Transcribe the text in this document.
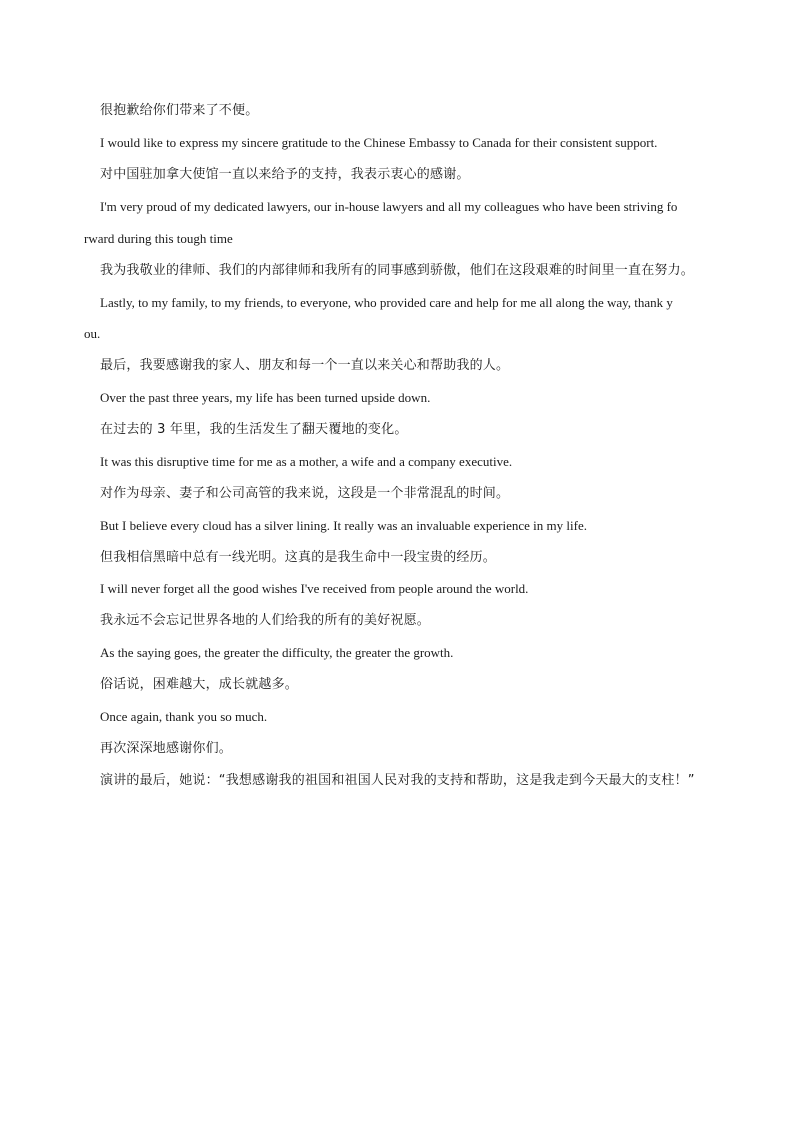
很抱歉给你们带来了不便。
I would like to express my sincere gratitude to the Chinese Embassy to Canada for their consistent support.
对中国驻加拿大使馆一直以来给予的支持，我表示衷心的感谢。
I'm very proud of my dedicated lawyers, our in-house lawyers and all my colleagues who have been striving fo
rward during this tough time
我为我敬业的律师、我们的内部律师和我所有的同事感到骄傲，他们在这段艰难的时间里一直在努力。
Lastly, to my family, to my friends, to everyone, who provided care and help for me all along the way, thank y
ou.
最后，我要感谢我的家人、朋友和每一个一直以来关心和帮助我的人。
Over the past three years, my life has been turned upside down.
在过去的 3 年里，我的生活发生了翻天覆地的变化。
It was this disruptive time for me as a mother, a wife and a company executive.
对作为母亲、妻子和公司高管的我来说，这段是一个非常混乱的时间。
But I believe every cloud has a silver lining. It really was an invaluable experience in my life.
但我相信黑暗中总有一线光明。这真的是我生命中一段宝贵的经历。
I will never forget all the good wishes I've received from people around the world.
我永远不会忘记世界各地的人们给我的所有的美好祝愿。
As the saying goes, the greater the difficulty, the greater the growth.
俗话说，困难越大，成长就越多。
Once again, thank you so much.
再次深深地感谢你们。
演讲的最后，她说：“我想感谢我的祖国和祖国人民对我的支持和帮助，这是我走到今天最大的支柱！”
